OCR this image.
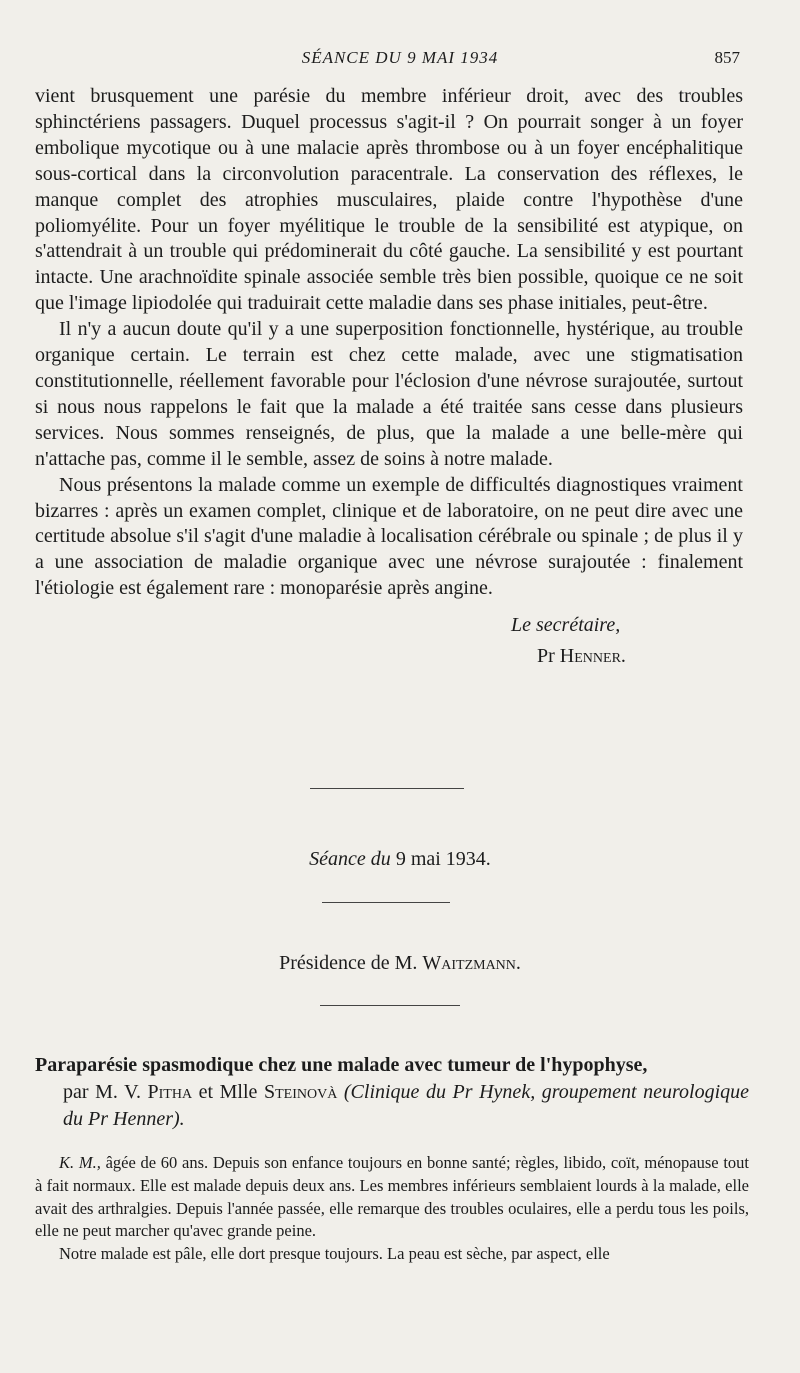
SÉANCE DU 9 MAI 1934	857

vient brusquement une parésie du membre inférieur droit, avec des troubles sphinctériens passagers. Duquel processus s'agit-il ? On pourrait songer à un foyer embolique mycotique ou à une malacie après thrombose ou à un foyer encéphalitique sous-cortical dans la circonvolution paracentrale. La conservation des réflexes, le manque complet des atrophies musculaires, plaide contre l'hypothèse d'une poliomyélite. Pour un foyer myélitique le trouble de la sensibilité est atypique, on s'attendrait à un trouble qui prédominerait du côté gauche. La sensibilité y est pourtant intacte. Une arachnoïdite spinale associée semble très bien possible, quoique ce ne soit que l'image lipiodolée qui traduirait cette maladie dans ses phase initiales, peut-être.

Il n'y a aucun doute qu'il y a une superposition fonctionnelle, hystérique, au trouble organique certain. Le terrain est chez cette malade, avec une stigmatisation constitutionnelle, réellement favorable pour l'éclosion d'une névrose surajoutée, surtout si nous nous rappelons le fait que la malade a été traitée sans cesse dans plusieurs services. Nous sommes renseignés, de plus, que la malade a une belle-mère qui n'attache pas, comme il le semble, assez de soins à notre malade.

Nous présentons la malade comme un exemple de difficultés diagnostiques vraiment bizarres : après un examen complet, clinique et de laboratoire, on ne peut dire avec une certitude absolue s'il s'agit d'une maladie à localisation cérébrale ou spinale ; de plus il y a une association de maladie organique avec une névrose surajoutée : finalement l'étiologie est également rare : monoparésie après angine.

Le secrétaire,
Pr Henner.
Séance du 9 mai 1934.
Présidence de M. Waitzmann.
Paraparésie spasmodique chez une malade avec tumeur de l'hypophyse,
par M. V. Pitha et Mlle Steinovà (Clinique du Pr Hynek, groupement neurologique du Pr Henner).

K. M., âgée de 60 ans. Depuis son enfance toujours en bonne santé; règles, libido, coït, ménopause tout à fait normaux. Elle est malade depuis deux ans. Les membres inférieurs semblaient lourds à la malade, elle avait des arthralgies. Depuis l'année passée, elle remarque des troubles oculaires, elle a perdu tous les poils, elle ne peut marcher qu'avec grande peine.

Notre malade est pâle, elle dort presque toujours. La peau est sèche, par aspect, elle
